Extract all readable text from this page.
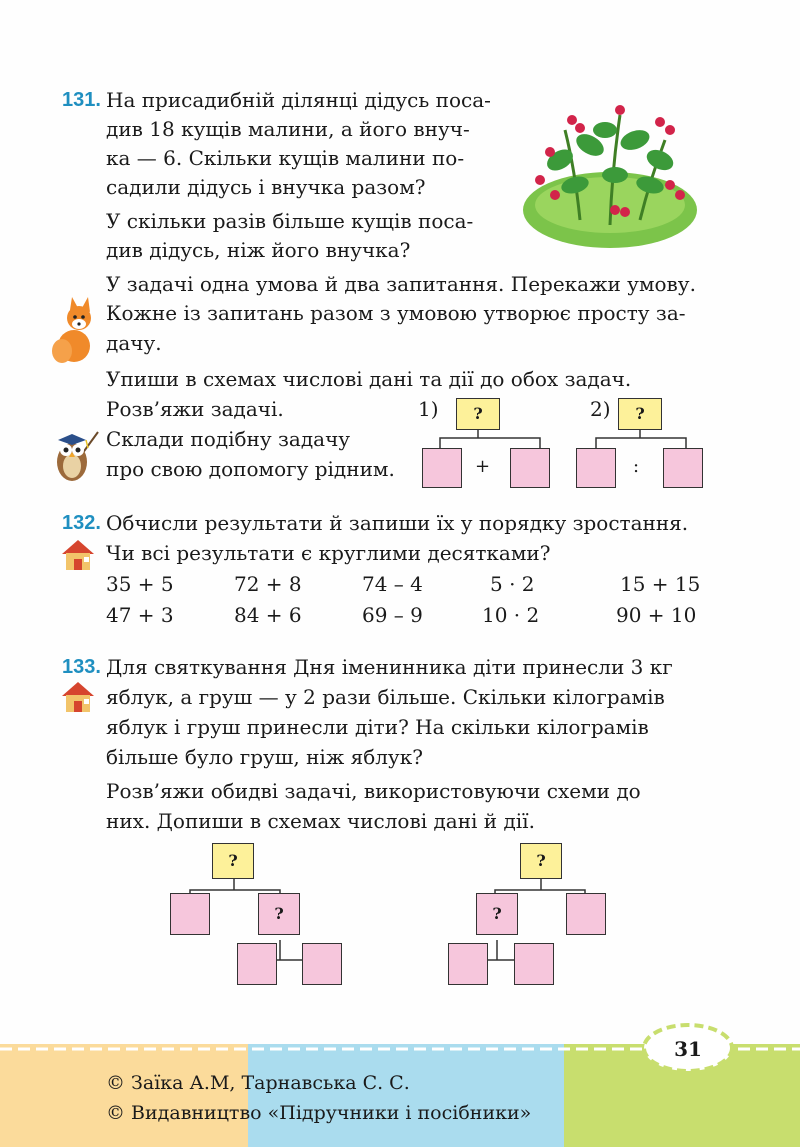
131. На присадибній ділянці дідусь поса-
див 18 кущів малини, а його внуч-
ка — 6. Скільки кущів малини по-
садили дідусь і внучка разом?
У скільки разів більше кущів поса-
див дідусь, ніж його внучка?
У задачі одна умова й два запитання. Перекажи умову.
Кожне із запитань разом з умовою утворює просту за-
дачу.
Упиши в схемах числові дані та дії до обох задач.
Розв’яжи задачі.
Склади подібну задачу
про свою допомогу рідним.
1)	?
+
2)	?
:
132. Обчисли результати й запиши їх у порядку зростання.
Чи всі результати є круглими десятками?
35 + 5	72 + 8	74 – 4	5 · 2	15 + 15
47 + 3	84 + 6	69 – 9	10 · 2	90 + 10
133. Для святкування Дня іменинника діти принесли 3 кг
яблук, а груш — у 2 рази більше. Скільки кілограмів
яблук і груш принесли діти? На скільки кілограмів
більше було груш, ніж яблук?
Розв’яжи обидві задачі, використовуючи схеми до
них. Допиши в схемах числові дані й дії.
?
?
?
?
31
© Заїка А.М, Тарнавська С. С.
© Видавництво «Підручники і посібники»
